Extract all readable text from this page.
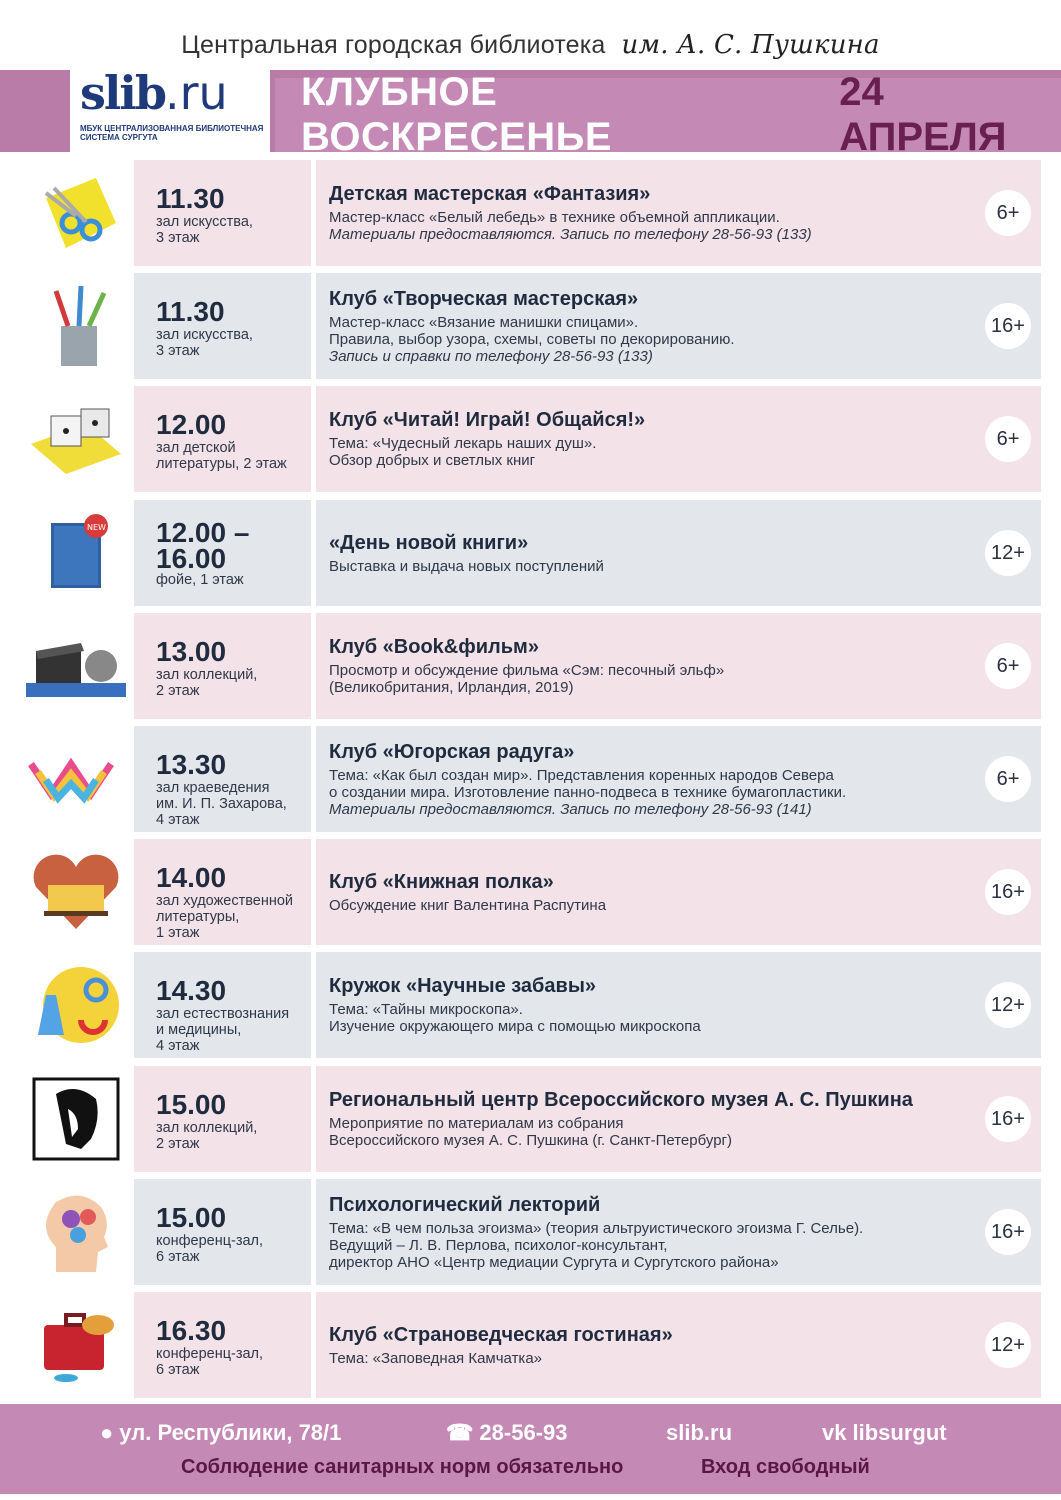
Центральная городская библиотека им. А. С. Пушкина
slib.ru
МБУК ЦЕНТРАЛИЗОВАННАЯ БИБЛИОТЕЧНАЯ СИСТЕМА СУРГУТА
КЛУБНОЕ ВОСКРЕСЕНЬЕ
24 АПРЕЛЯ
11.30
зал искусства,
3 этаж
Детская мастерская «Фантазия»
Мастер-класс «Белый лебедь» в технике объемной аппликации.
Материалы предоставляются. Запись по телефону 28-56-93 (133)
6+
11.30
зал искусства,
3 этаж
Клуб «Творческая мастерская»
Мастер-класс «Вязание манишки спицами».
Правила, выбор узора, схемы, советы по декорированию.
Запись и справки по телефону 28-56-93 (133)
16+
12.00
зал детской
литературы, 2 этаж
Клуб «Читай! Играй! Общайся!»
Тема: «Чудесный лекарь наших душ».
Обзор добрых и светлых книг
6+
NEW 12.00 –
16.00
фойе, 1 этаж
«День новой книги»
Выставка и выдача новых поступлений
12+
13.00
зал коллекций,
2 этаж
Клуб «Book&фильм»
Просмотр и обсуждение фильма «Сэм: песочный эльф»
(Великобритания, Ирландия, 2019)
6+
13.30
зал краеведения
им. И. П. Захарова,
4 этаж
Клуб «Югорская радуга»
Тема: «Как был создан мир». Представления коренных народов Севера
о создании мира. Изготовление панно-подвеса в технике бумагопластики.
Материалы предоставляются. Запись по телефону 28-56-93 (141)
6+
14.00
зал художественной
литературы,
1 этаж
Клуб «Книжная полка»
Обсуждение книг Валентина Распутина
16+
14.30
зал естествознания
и медицины,
4 этаж
Кружок «Научные забавы»
Тема: «Тайны микроскопа».
Изучение окружающего мира с помощью микроскопа
12+
15.00
зал коллекций,
2 этаж
Региональный центр Всероссийского музея А. С. Пушкина
Мероприятие по материалам из собрания
Всероссийского музея А. С. Пушкина (г. Санкт-Петербург)
16+
15.00
конференц-зал,
6 этаж
Психологический лекторий
Тема: «В чем польза эгоизма» (теория альтруистического эгоизма Г. Селье).
Ведущий – Л. В. Перлова, психолог-консультант,
директор АНО «Центр медиации Сургута и Сургутского района»
16+
16.30
конференц-зал,
6 этаж
Клуб «Страноведческая гостиная»
Тема: «Заповедная Камчатка»
12+
● ул. Республики, 78/1	☎ 28-56-93	slib.ru	vk libsurgut
Соблюдение санитарных норм обязательно	Вход свободный
